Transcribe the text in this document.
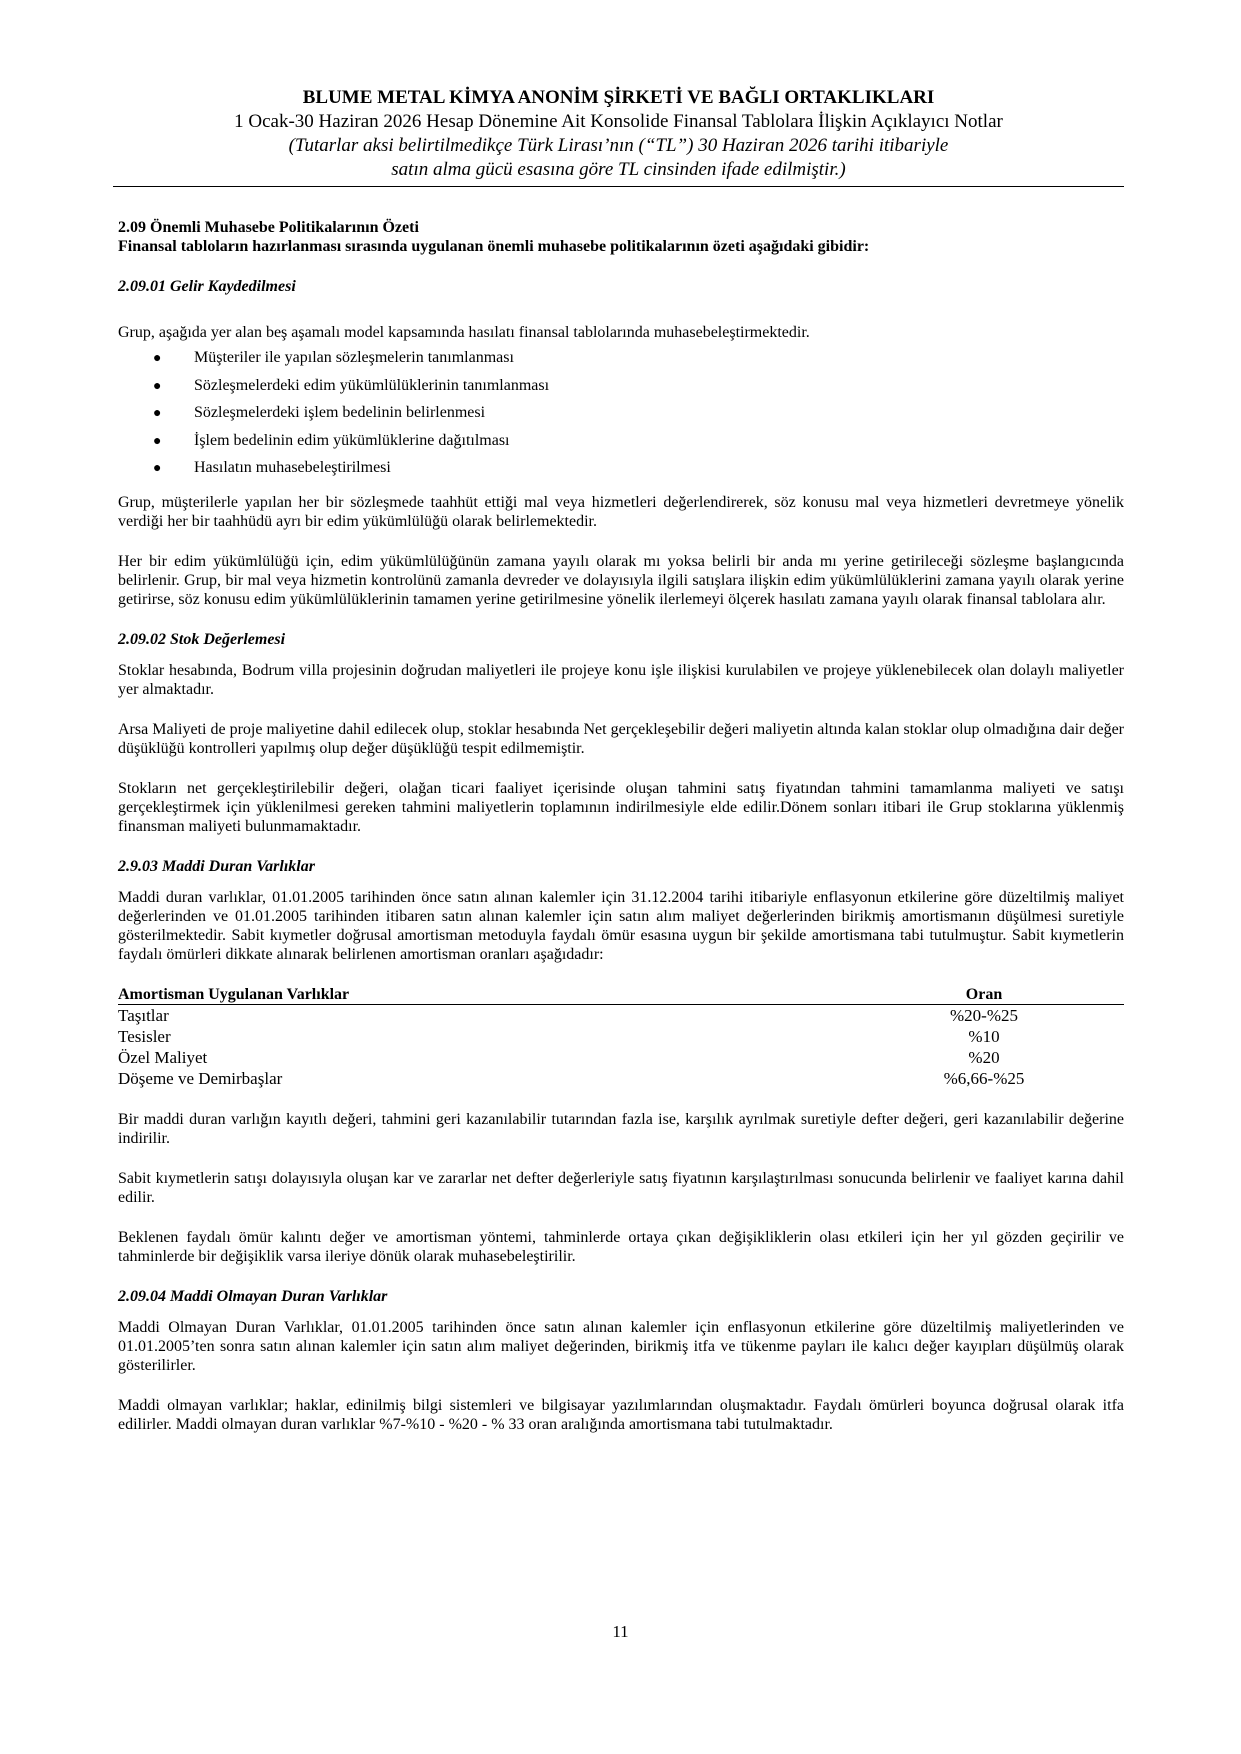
BLUME METAL KİMYA ANONİM ŞİRKETİ VE BAĞLI ORTAKLIKLARI
1 Ocak-30 Haziran 2026 Hesap Dönemine Ait Konsolide Finansal Tablolara İlişkin Açıklayıcı Notlar
(Tutarlar aksi belirtilmedikçe Türk Lirası’nın (“TL”) 30 Haziran 2026 tarihi itibariyle
satın alma gücü esasına göre TL cinsinden ifade edilmiştir.)

2.09 Önemli Muhasebe Politikalarının Özeti

Finansal tabloların hazırlanması sırasında uygulanan önemli muhasebe politikalarının özeti aşağıdaki gibidir:

2.09.01 Gelir Kaydedilmesi

Grup, aşağıda yer alan beş aşamalı model kapsamında hasılatı finansal tablolarında muhasebeleştirmektedir.

● Müşteriler ile yapılan sözleşmelerin tanımlanması
● Sözleşmelerdeki edim yükümlülüklerinin tanımlanması
● Sözleşmelerdeki işlem bedelinin belirlenmesi
● İşlem bedelinin edim yükümlüklerine dağıtılması
● Hasılatın muhasebeleştirilmesi

Grup, müşterilerle yapılan her bir sözleşmede taahhüt ettiği mal veya hizmetleri değerlendirerek, söz konusu mal veya hizmetleri devretmeye yönelik verdiği her bir taahhüdü ayrı bir edim yükümlülüğü olarak belirlemektedir.

Her bir edim yükümlülüğü için, edim yükümlülüğünün zamana yayılı olarak mı yoksa belirli bir anda mı yerine getirileceği sözleşme başlangıcında belirlenir. Grup, bir mal veya hizmetin kontrolünü zamanla devreder ve dolayısıyla ilgili satışlara ilişkin edim yükümlülüklerini zamana yayılı olarak yerine getirirse, söz konusu edim yükümlülüklerinin tamamen yerine getirilmesine yönelik ilerlemeyi ölçerek hasılatı zamana yayılı olarak finansal tablolara alır.

2.09.02 Stok Değerlemesi

Stoklar hesabında, Bodrum villa projesinin doğrudan maliyetleri ile projeye konu işle ilişkisi kurulabilen ve projeye yüklenebilecek olan dolaylı maliyetler yer almaktadır.

Arsa Maliyeti de proje maliyetine dahil edilecek olup, stoklar hesabında Net gerçekleşebilir değeri maliyetin altında kalan stoklar olup olmadığına dair değer düşüklüğü kontrolleri yapılmış olup değer düşüklüğü tespit edilmemiştir.

Stokların net gerçekleştirilebilir değeri, olağan ticari faaliyet içerisinde oluşan tahmini satış fiyatından tahmini tamamlanma maliyeti ve satışı gerçekleştirmek için yüklenilmesi gereken tahmini maliyetlerin toplamının indirilmesiyle elde edilir.Dönem sonları itibari ile Grup stoklarına yüklenmiş finansman maliyeti bulunmamaktadır.

2.9.03 Maddi Duran Varlıklar

Maddi duran varlıklar, 01.01.2005 tarihinden önce satın alınan kalemler için 31.12.2004 tarihi itibariyle enflasyonun etkilerine göre düzeltilmiş maliyet değerlerinden ve 01.01.2005 tarihinden itibaren satın alınan kalemler için satın alım maliyet değerlerinden birikmiş amortismanın düşülmesi suretiyle gösterilmektedir. Sabit kıymetler doğrusal amortisman metoduyla faydalı ömür esasına uygun bir şekilde amortismana tabi tutulmuştur. Sabit kıymetlerin faydalı ömürleri dikkate alınarak belirlenen amortisman oranları aşağıdadır:

Amortisman Uygulanan Varlıklar	Oran
Taşıtlar	%20-%25
Tesisler	%10
Özel Maliyet	%20
Döşeme ve Demirbaşlar	%6,66-%25

Bir maddi duran varlığın kayıtlı değeri, tahmini geri kazanılabilir tutarından fazla ise, karşılık ayrılmak suretiyle defter değeri, geri kazanılabilir değerine indirilir.

Sabit kıymetlerin satışı dolayısıyla oluşan kar ve zararlar net defter değerleriyle satış fiyatının karşılaştırılması sonucunda belirlenir ve faaliyet karına dahil edilir.

Beklenen faydalı ömür kalıntı değer ve amortisman yöntemi, tahminlerde ortaya çıkan değişikliklerin olası etkileri için her yıl gözden geçirilir ve tahminlerde bir değişiklik varsa ileriye dönük olarak muhasebeleştirilir.

2.09.04 Maddi Olmayan Duran Varlıklar

Maddi Olmayan Duran Varlıklar, 01.01.2005 tarihinden önce satın alınan kalemler için enflasyonun etkilerine göre düzeltilmiş maliyetlerinden ve 01.01.2005’ten sonra satın alınan kalemler için satın alım maliyet değerinden, birikmiş itfa ve tükenme payları ile kalıcı değer kayıpları düşülmüş olarak gösterilirler.

Maddi olmayan varlıklar; haklar, edinilmiş bilgi sistemleri ve bilgisayar yazılımlarından oluşmaktadır. Faydalı ömürleri boyunca doğrusal olarak itfa edilirler. Maddi olmayan duran varlıklar %7-%10 - %20 - % 33 oran aralığında amortismana tabi tutulmaktadır.

11
